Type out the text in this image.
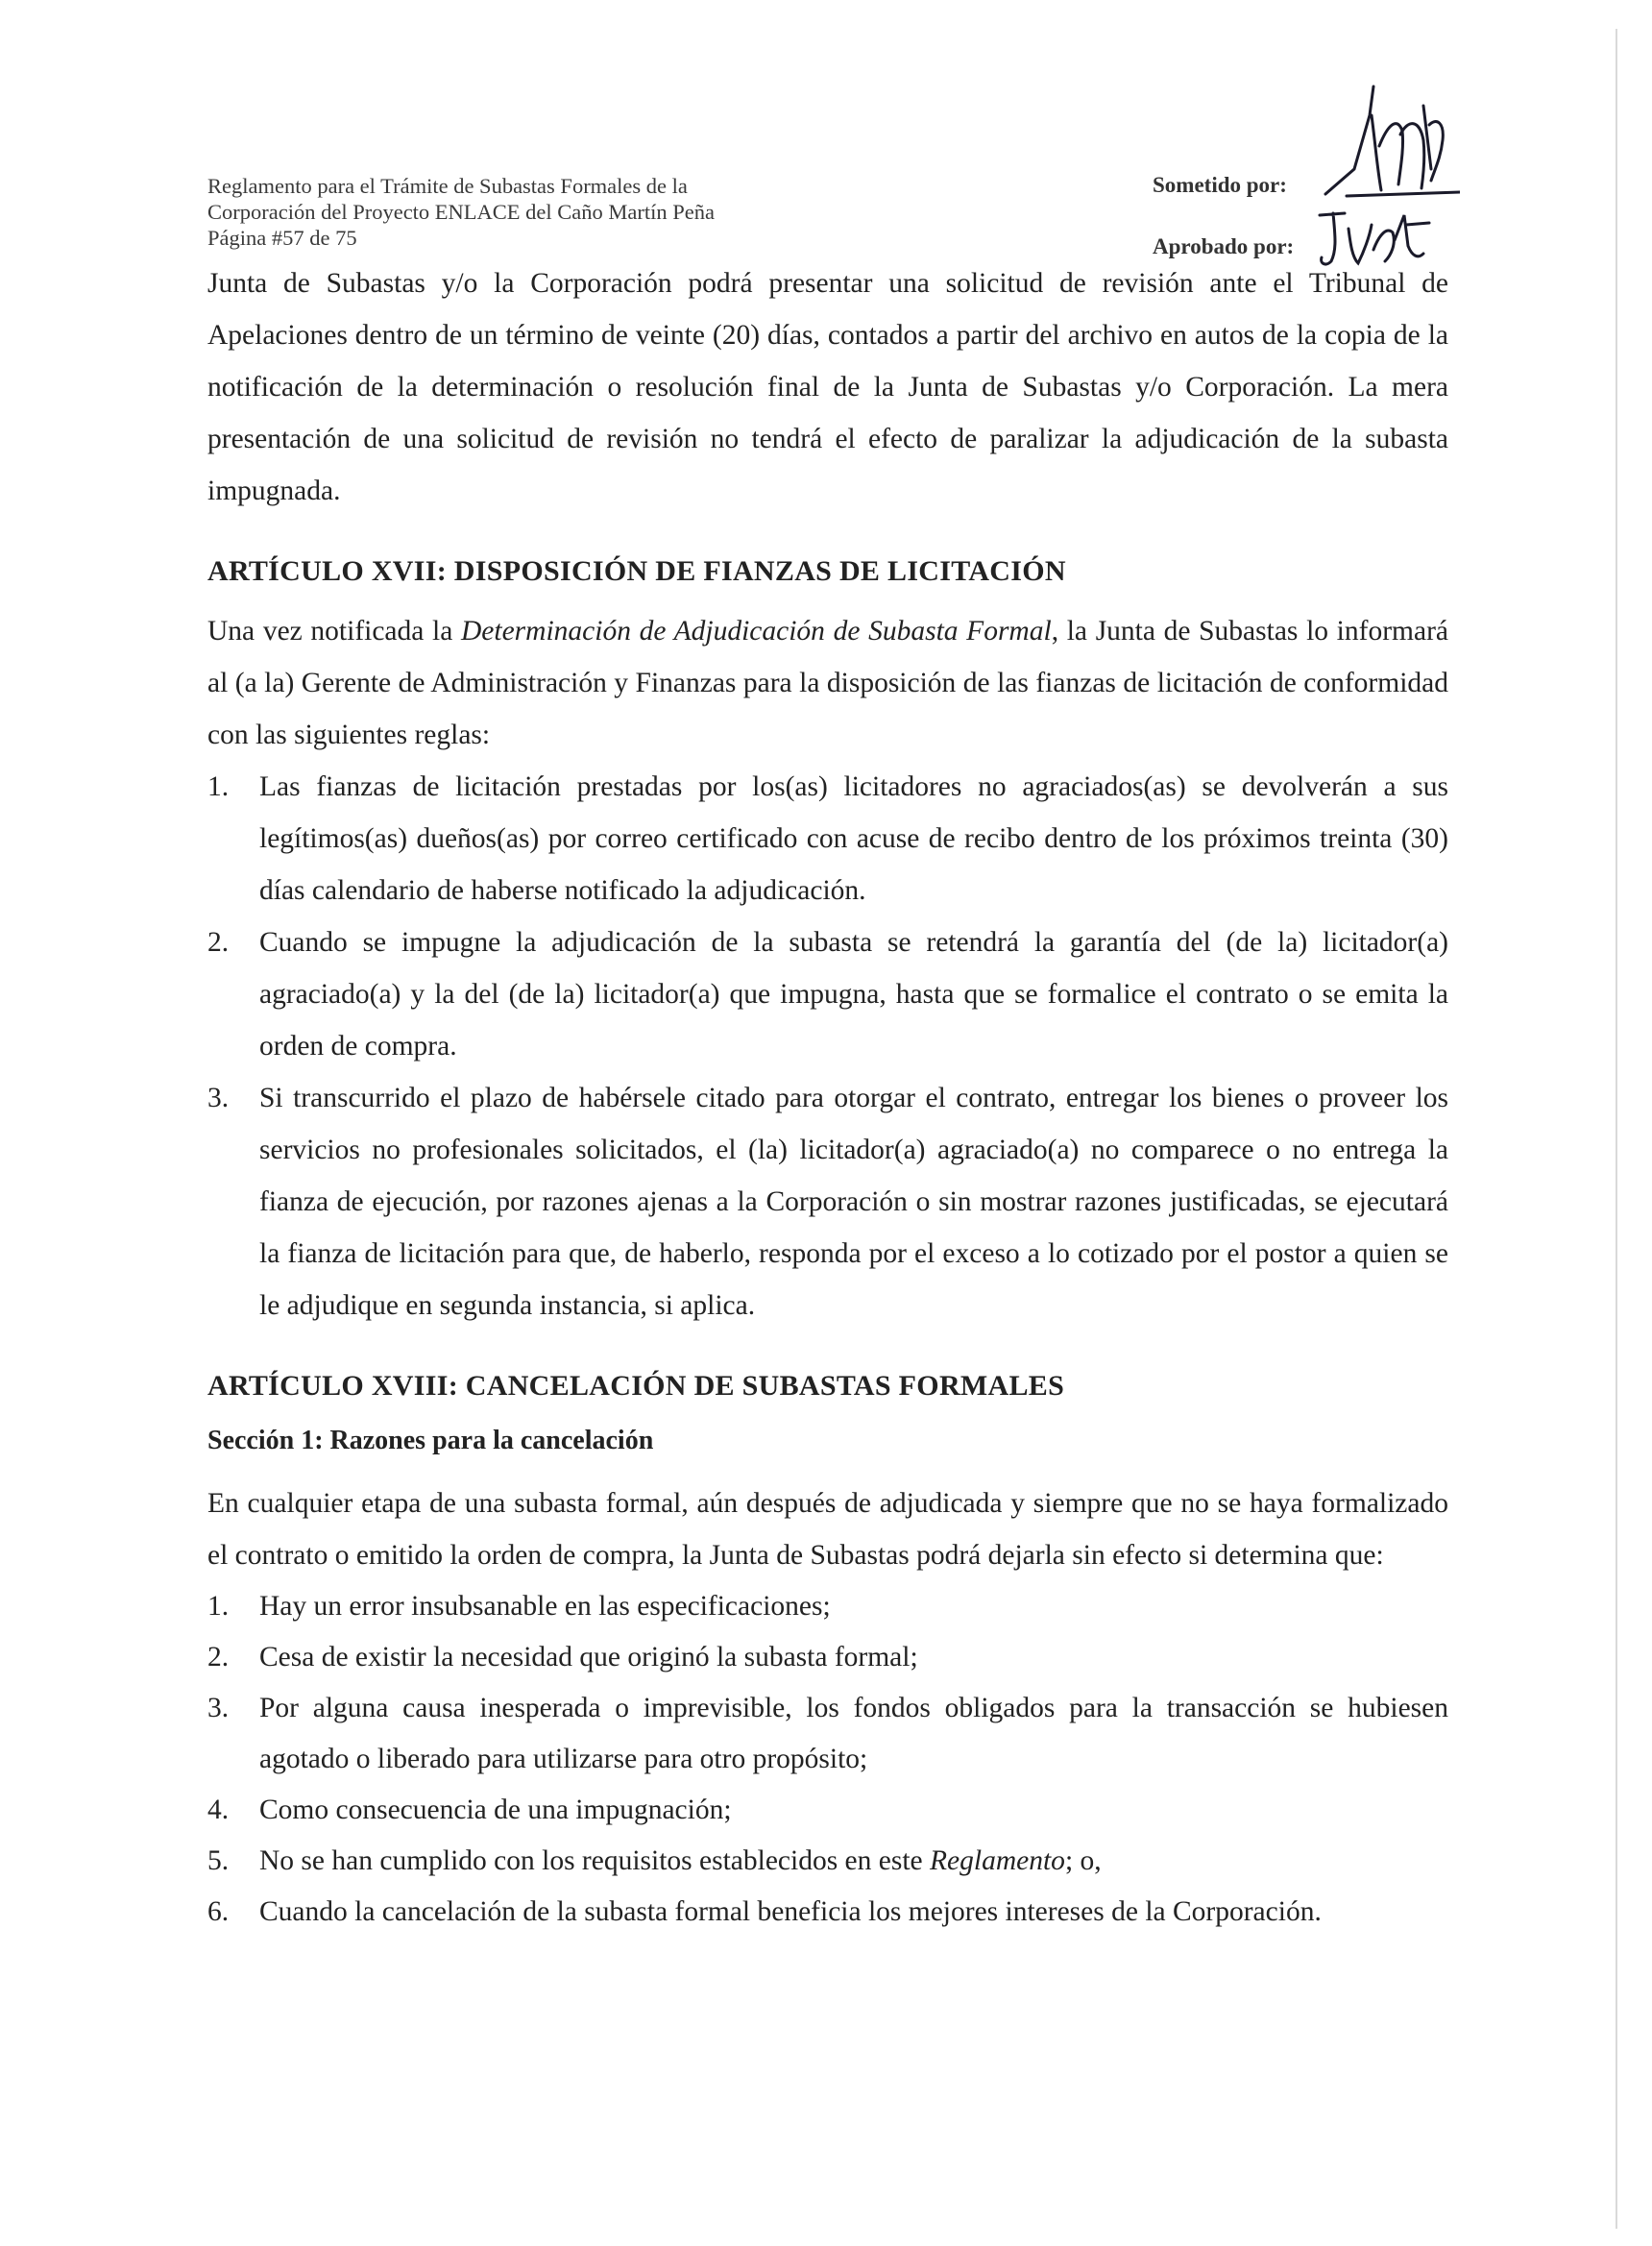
Reglamento para el Trámite de Subastas Formales de la
Corporación del Proyecto ENLACE del Caño Martín Peña
Página #57 de 75
Sometido por:
Aprobado por:

Junta de Subastas y/o la Corporación podrá presentar una solicitud de revisión ante el Tribunal de Apelaciones dentro de un término de veinte (20) días, contados a partir del archivo en autos de la copia de la notificación de la determinación o resolución final de la Junta de Subastas y/o Corporación. La mera presentación de una solicitud de revisión no tendrá el efecto de paralizar la adjudicación de la subasta impugnada.

ARTÍCULO XVII: DISPOSICIÓN DE FIANZAS DE LICITACIÓN

Una vez notificada la Determinación de Adjudicación de Subasta Formal, la Junta de Subastas lo informará al (a la) Gerente de Administración y Finanzas para la disposición de las fianzas de licitación de conformidad con las siguientes reglas:

1. Las fianzas de licitación prestadas por los(as) licitadores no agraciados(as) se devolverán a sus legítimos(as) dueños(as) por correo certificado con acuse de recibo dentro de los próximos treinta (30) días calendario de haberse notificado la adjudicación.
2. Cuando se impugne la adjudicación de la subasta se retendrá la garantía del (de la) licitador(a) agraciado(a) y la del (de la) licitador(a) que impugna, hasta que se formalice el contrato o se emita la orden de compra.
3. Si transcurrido el plazo de habérsele citado para otorgar el contrato, entregar los bienes o proveer los servicios no profesionales solicitados, el (la) licitador(a) agraciado(a) no comparece o no entrega la fianza de ejecución, por razones ajenas a la Corporación o sin mostrar razones justificadas, se ejecutará la fianza de licitación para que, de haberlo, responda por el exceso a lo cotizado por el postor a quien se le adjudique en segunda instancia, si aplica.
ARTÍCULO XVIII: CANCELACIÓN DE SUBASTAS FORMALES
Sección 1: Razones para la cancelación

En cualquier etapa de una subasta formal, aún después de adjudicada y siempre que no se haya formalizado el contrato o emitido la orden de compra, la Junta de Subastas podrá dejarla sin efecto si determina que:

1. Hay un error insubsanable en las especificaciones;
2. Cesa de existir la necesidad que originó la subasta formal;
3. Por alguna causa inesperada o imprevisible, los fondos obligados para la transacción se hubiesen agotado o liberado para utilizarse para otro propósito;
4. Como consecuencia de una impugnación;
5. No se han cumplido con los requisitos establecidos en este Reglamento; o,
6. Cuando la cancelación de la subasta formal beneficia los mejores intereses de la Corporación.
